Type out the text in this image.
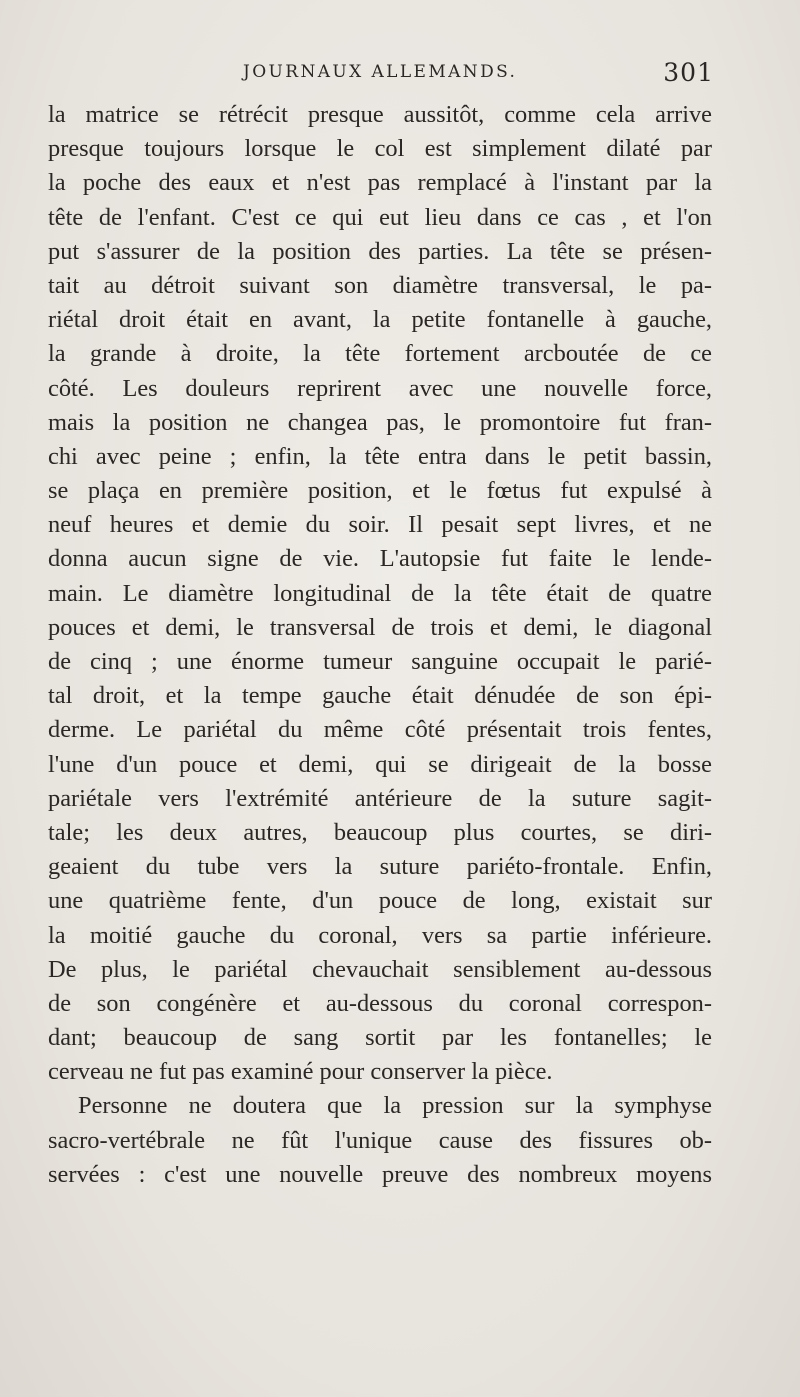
JOURNAUX ALLEMANDS.	301
la matrice se rétrécit presque aussitôt, comme cela arrive
presque toujours lorsque le col est simplement dilaté par
la poche des eaux et n'est pas remplacé à l'instant par la
tête de l'enfant. C'est ce qui eut lieu dans ce cas , et l'on
put s'assurer de la position des parties. La tête se présen-
tait au détroit suivant son diamètre transversal, le pa-
riétal droit était en avant, la petite fontanelle à gauche,
la grande à droite, la tête fortement arcboutée de ce
côté. Les douleurs reprirent avec une nouvelle force,
mais la position ne changea pas, le promontoire fut fran-
chi avec peine ; enfin, la tête entra dans le petit bassin,
se plaça en première position, et le fœtus fut expulsé à
neuf heures et demie du soir. Il pesait sept livres, et ne
donna aucun signe de vie. L'autopsie fut faite le lende-
main. Le diamètre longitudinal de la tête était de quatre
pouces et demi, le transversal de trois et demi, le diagonal
de cinq ; une énorme tumeur sanguine occupait le parié-
tal droit, et la tempe gauche était dénudée de son épi-
derme. Le pariétal du même côté présentait trois fentes,
l'une d'un pouce et demi, qui se dirigeait de la bosse
pariétale vers l'extrémité antérieure de la suture sagit-
tale; les deux autres, beaucoup plus courtes, se diri-
geaient du tube vers la suture pariéto-frontale. Enfin,
une quatrième fente, d'un pouce de long, existait sur
la moitié gauche du coronal, vers sa partie inférieure.
De plus, le pariétal chevauchait sensiblement au-dessous
de son congénère et au-dessous du coronal correspon-
dant; beaucoup de sang sortit par les fontanelles; le
cerveau ne fut pas examiné pour conserver la pièce.
Personne ne doutera que la pression sur la symphyse
sacro-vertébrale ne fût l'unique cause des fissures ob-
servées : c'est une nouvelle preuve des nombreux moyens
